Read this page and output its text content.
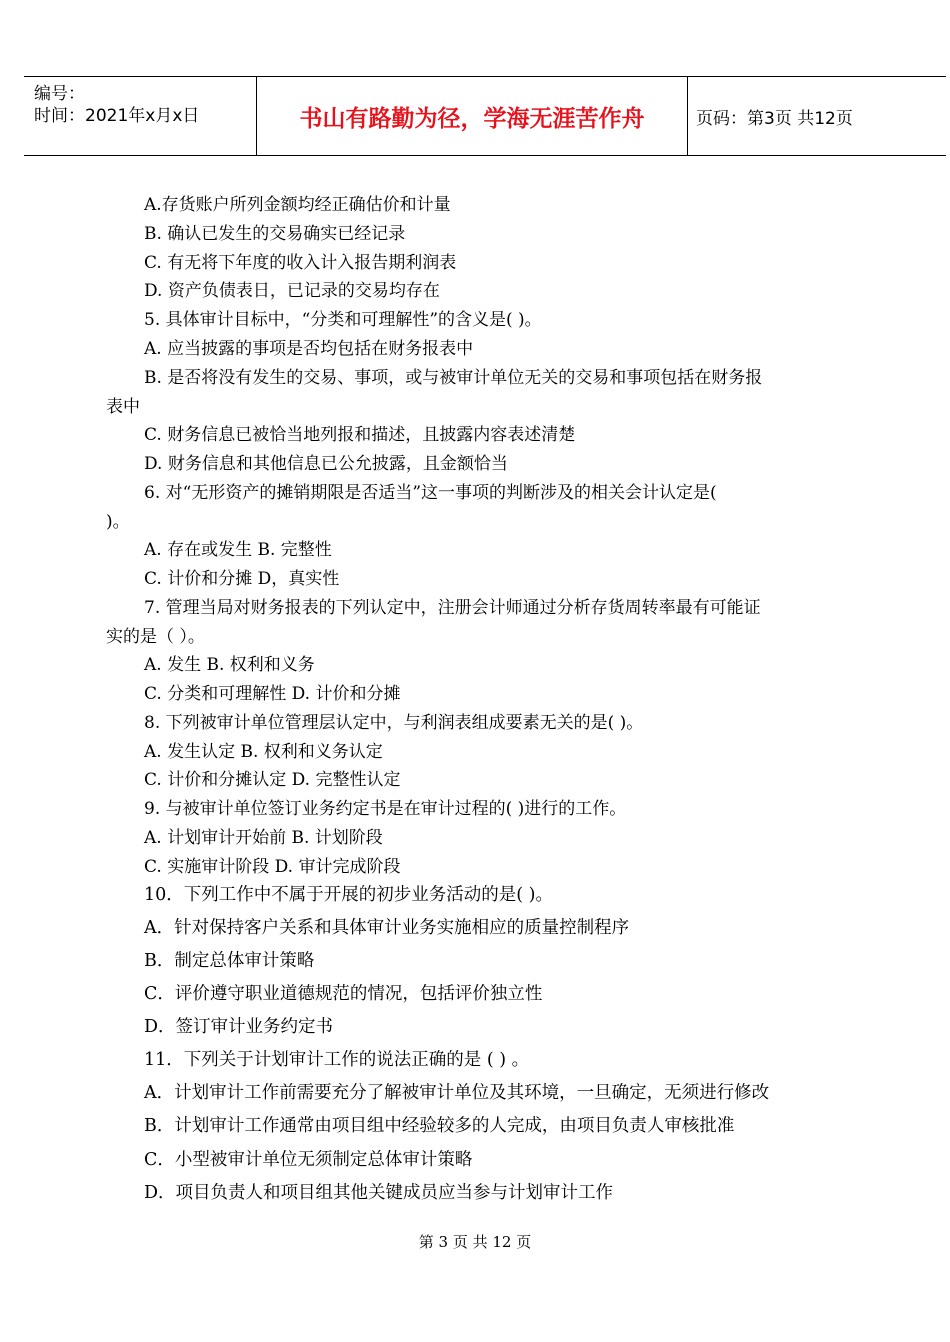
编号：
时间：2021年x月x日	书山有路勤为径，学海无涯苦作舟	页码：第3页 共12页
A.存货账户所列金额均经正确估价和计量
B. 确认已发生的交易确实已经记录
C. 有无将下年度的收入计入报告期利润表
D. 资产负债表日，已记录的交易均存在
5. 具体审计目标中，“分类和可理解性”的含义是( )。
A. 应当披露的事项是否均包括在财务报表中
B. 是否将没有发生的交易、事项，或与被审计单位无关的交易和事项包括在财务报
表中
C. 财务信息已被恰当地列报和描述，且披露内容表述清楚
D. 财务信息和其他信息已公允披露，且金额恰当
6. 对“无形资产的摊销期限是否适当”这一事项的判断涉及的相关会计认定是(
)。
A. 存在或发生 B. 完整性
C. 计价和分摊 D，真实性
7. 管理当局对财务报表的下列认定中，注册会计师通过分析存货周转率最有可能证
实的是（ ）。
A. 发生 B. 权利和义务
C. 分类和可理解性 D. 计价和分摊
8. 下列被审计单位管理层认定中，与利润表组成要素无关的是( )。
A. 发生认定 B. 权利和义务认定
C. 计价和分摊认定 D. 完整性认定
9. 与被审计单位签订业务约定书是在审计过程的( )进行的工作。
A. 计划审计开始前 B. 计划阶段
C. 实施审计阶段 D. 审计完成阶段
10．下列工作中不属于开展的初步业务活动的是( )。
A．针对保持客户关系和具体审计业务实施相应的质量控制程序
B．制定总体审计策略
C．评价遵守职业道德规范的情况，包括评价独立性
D．签订审计业务约定书
11．下列关于计划审计工作的说法正确的是 ( ) 。
A．计划审计工作前需要充分了解被审计单位及其环境，一旦确定，无须进行修改
B．计划审计工作通常由项目组中经验较多的人完成，由项目负责人审核批准
C．小型被审计单位无须制定总体审计策略
D．项目负责人和项目组其他关键成员应当参与计划审计工作
第 3 页 共 12 页
